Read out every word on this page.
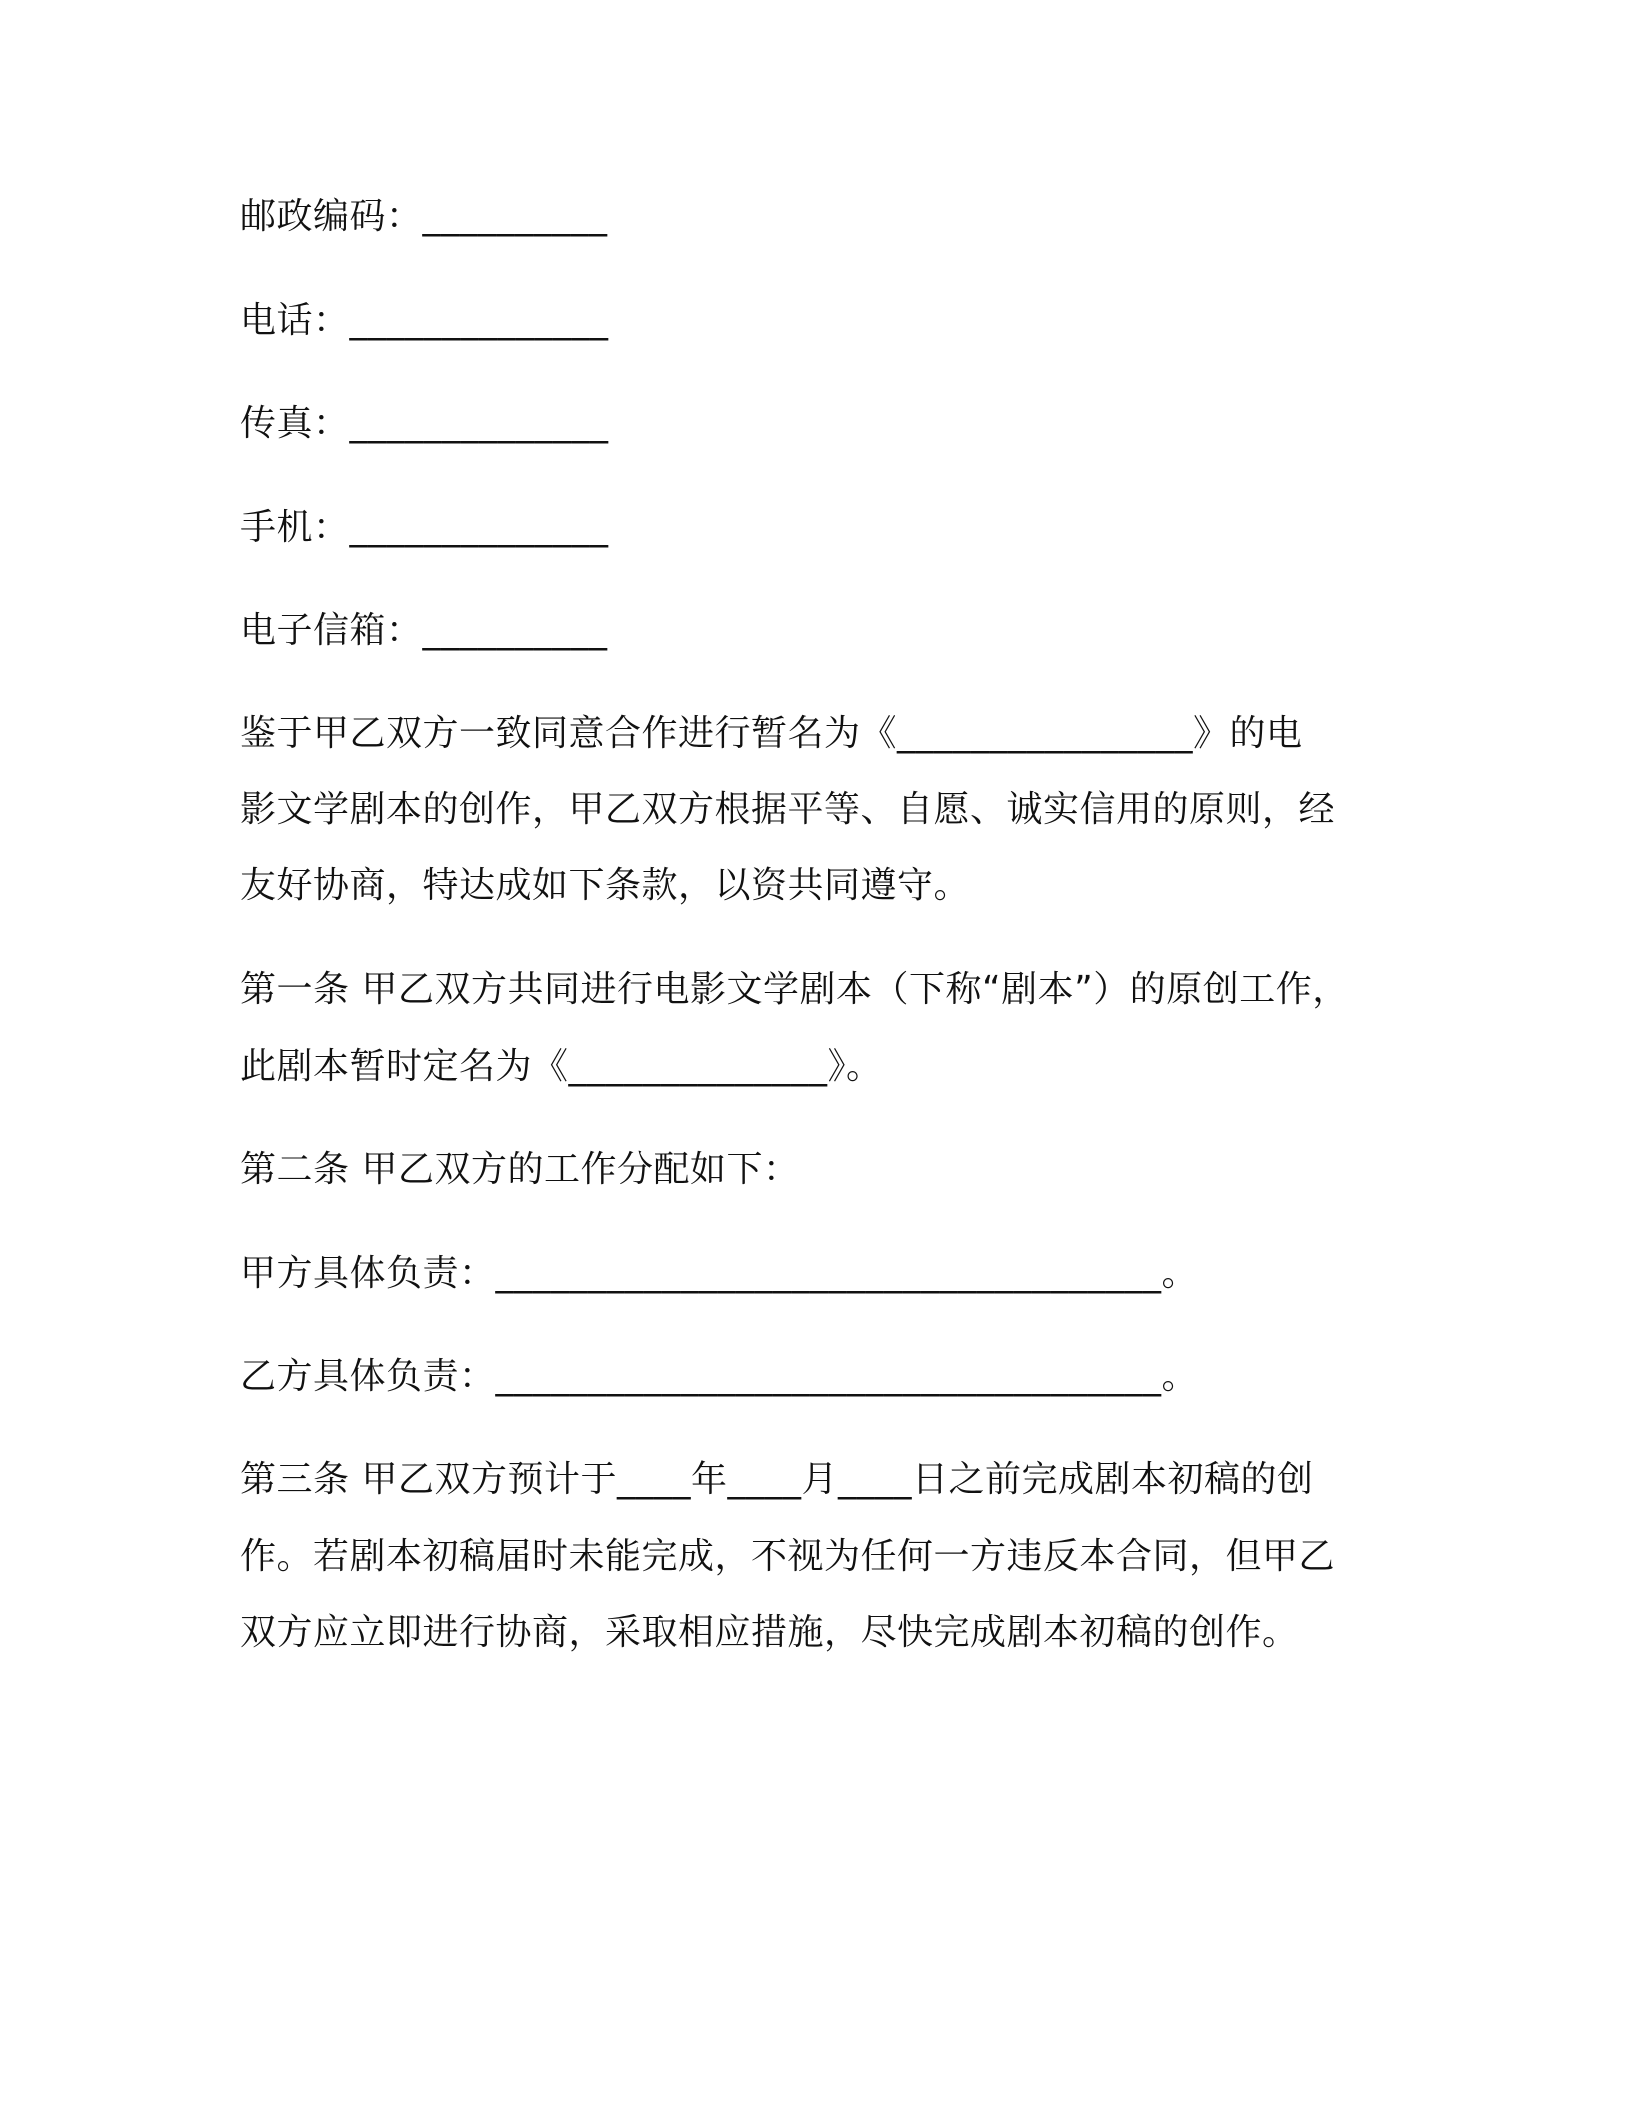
邮政编码：__________
电话：______________
传真：______________
手机：______________
电子信箱：__________
鉴于甲乙双方一致同意合作进行暂名为《________________》的电
影文学剧本的创作，甲乙双方根据平等、自愿、诚实信用的原则，经
友好协商，特达成如下条款，以资共同遵守。
第一条 甲乙双方共同进行电影文学剧本（下称“剧本”）的原创工作，
此剧本暂时定名为《______________》。
第二条 甲乙双方的工作分配如下：
甲方具体负责：____________________________________。
乙方具体负责：____________________________________。
第三条 甲乙双方预计于____年____月____日之前完成剧本初稿的创
作。若剧本初稿届时未能完成，不视为任何一方违反本合同，但甲乙
双方应立即进行协商，采取相应措施，尽快完成剧本初稿的创作。
